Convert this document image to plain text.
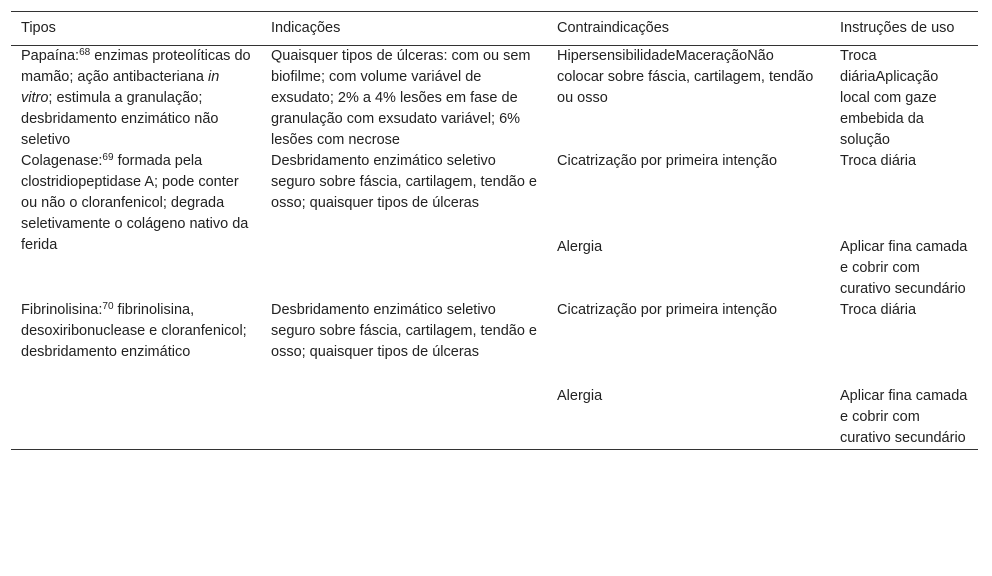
Tipos	Indicações	Contraindicações	Instruções de uso
Papaína:$^{68}$ enzimas proteolíticas do mamão; ação antibacteriana in vitro; estimula a granulação; desbridamento enzimático não seletivo	Quaisquer tipos de úlceras: com ou sem biofilme; com volume variável de exsudato; 2% a 4% lesões em fase de granulação com exsudato variável; 6% lesões com necrose	HipersensibilidadeMaceraçãoNão colocar sobre fáscia, cartilagem, tendão ou osso	Troca diáriaAplicação local com gaze embebida da solução
Colagenase:$^{69}$ formada pela clostridiopeptidase A; pode conter ou não o cloranfenicol; degrada seletivamente o colágeno nativo da ferida	Desbridamento enzimático seletivo seguro sobre fáscia, cartilagem, tendão e osso; quaisquer tipos de úlceras	Cicatrização por primeira intenção	Troca diária
		Alergia	Aplicar fina camada e cobrir com curativo secundário
Fibrinolisina:$^{70}$ fibrinolisina, desoxiribonuclease e cloranfenicol; desbridamento enzimático	Desbridamento enzimático seletivo seguro sobre fáscia, cartilagem, tendão e osso; quaisquer tipos de úlceras	Cicatrização por primeira intenção	Troca diária
		Alergia	Aplicar fina camada e cobrir com curativo secundário
